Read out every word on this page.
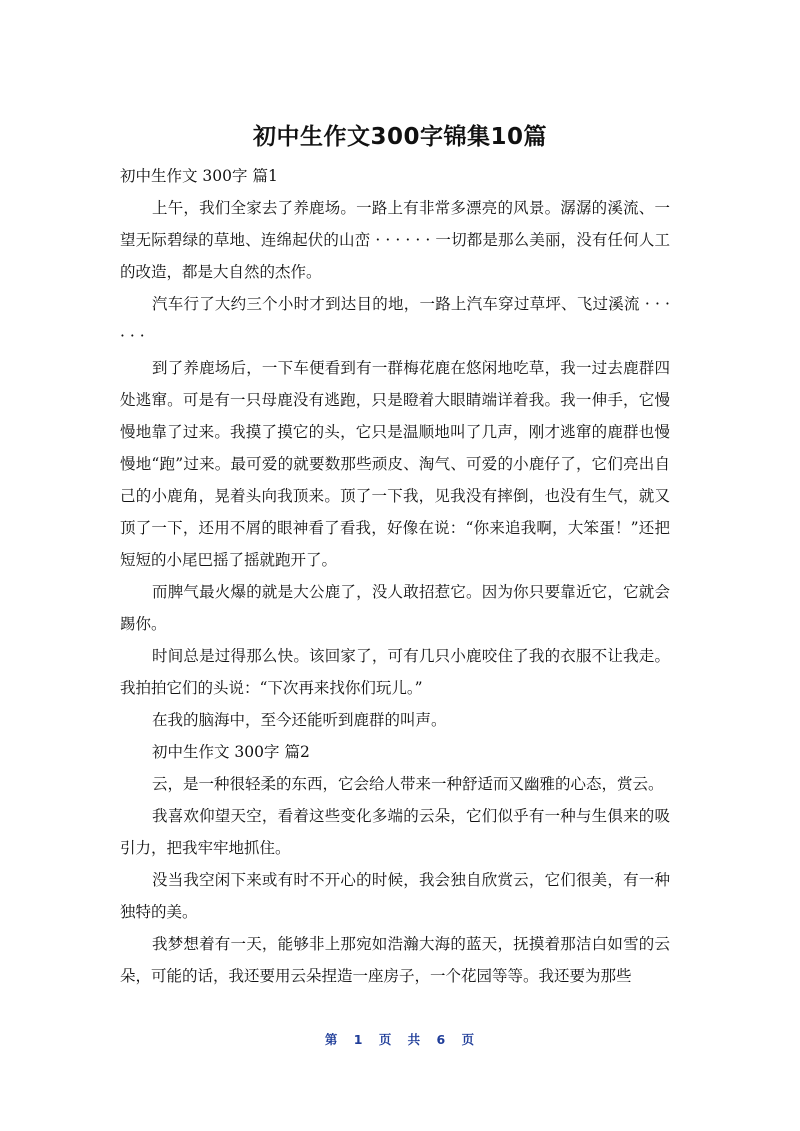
初中生作文300字锦集10篇

初中生作文 300字 篇1

上午，我们全家去了养鹿场。一路上有非常多漂亮的风景。潺潺的溪流、一望无际碧绿的草地、连绵起伏的山峦 · · · · · · 一切都是那么美丽，没有任何人工的改造，都是大自然的杰作。

汽车行了大约三个小时才到达目的地，一路上汽车穿过草坪、飞过溪流 · · · · · ·

到了养鹿场后，一下车便看到有一群梅花鹿在悠闲地吃草，我一过去鹿群四处逃窜。可是有一只母鹿没有逃跑，只是瞪着大眼睛端详着我。我一伸手，它慢慢地靠了过来。我摸了摸它的头，它只是温顺地叫了几声，刚才逃窜的鹿群也慢慢地“跑”过来。最可爱的就要数那些顽皮、淘气、可爱的小鹿仔了，它们亮出自己的小鹿角，晃着头向我顶来。顶了一下我，见我没有摔倒，也没有生气，就又顶了一下，还用不屑的眼神看了看我，好像在说：“你来追我啊，大笨蛋！”还把短短的小尾巴摇了摇就跑开了。

而脾气最火爆的就是大公鹿了，没人敢招惹它。因为你只要靠近它，它就会踢你。

时间总是过得那么快。该回家了，可有几只小鹿咬住了我的衣服不让我走。我拍拍它们的头说：“下次再来找你们玩儿。”

在我的脑海中，至今还能听到鹿群的叫声。

初中生作文 300字 篇2

云，是一种很轻柔的东西，它会给人带来一种舒适而又幽雅的心态，赏云。

我喜欢仰望天空，看着这些变化多端的云朵，它们似乎有一种与生俱来的吸引力，把我牢牢地抓住。

没当我空闲下来或有时不开心的时候，我会独自欣赏云，它们很美，有一种独特的美。

我梦想着有一天，能够非上那宛如浩瀚大海的蓝天，抚摸着那洁白如雪的云朵，可能的话，我还要用云朵捏造一座房子，一个花园等等。我还要为那些

第 1 页 共 6 页
